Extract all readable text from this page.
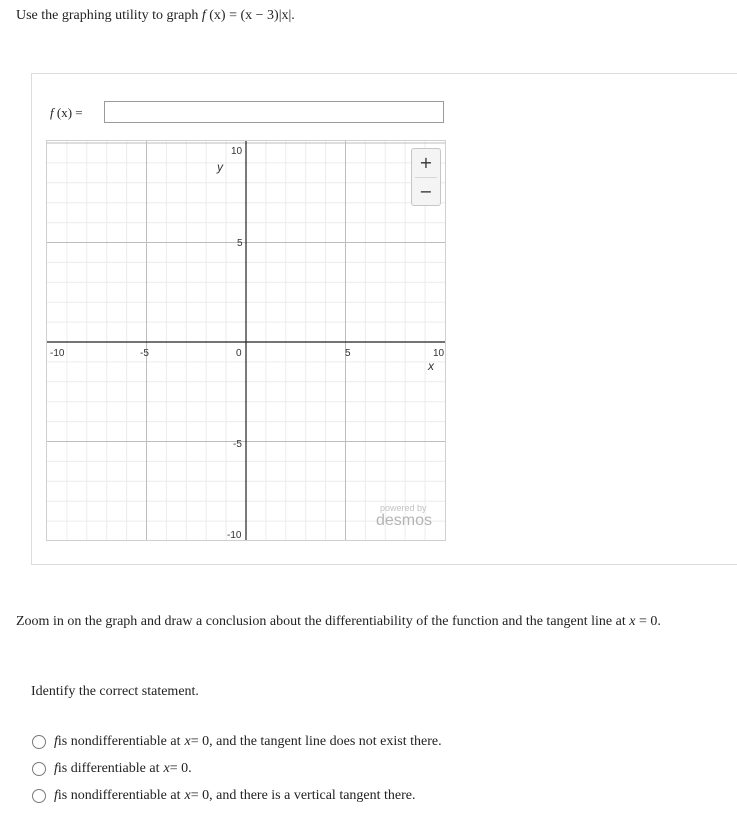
Use the graphing utility to graph f (x) = (x − 3)|x|.
f (x) =
-10	-5	0	5	10
10
5
-5
-10
x
y	+
−
powered by
desmos
Zoom in on the graph and draw a conclusion about the differentiability of the function and the tangent line at x = 0.
Identify the correct statement.
f is nondifferentiable at x = 0, and the tangent line does not exist there.
f is differentiable at x = 0.
f is nondifferentiable at x = 0, and there is a vertical tangent there.
